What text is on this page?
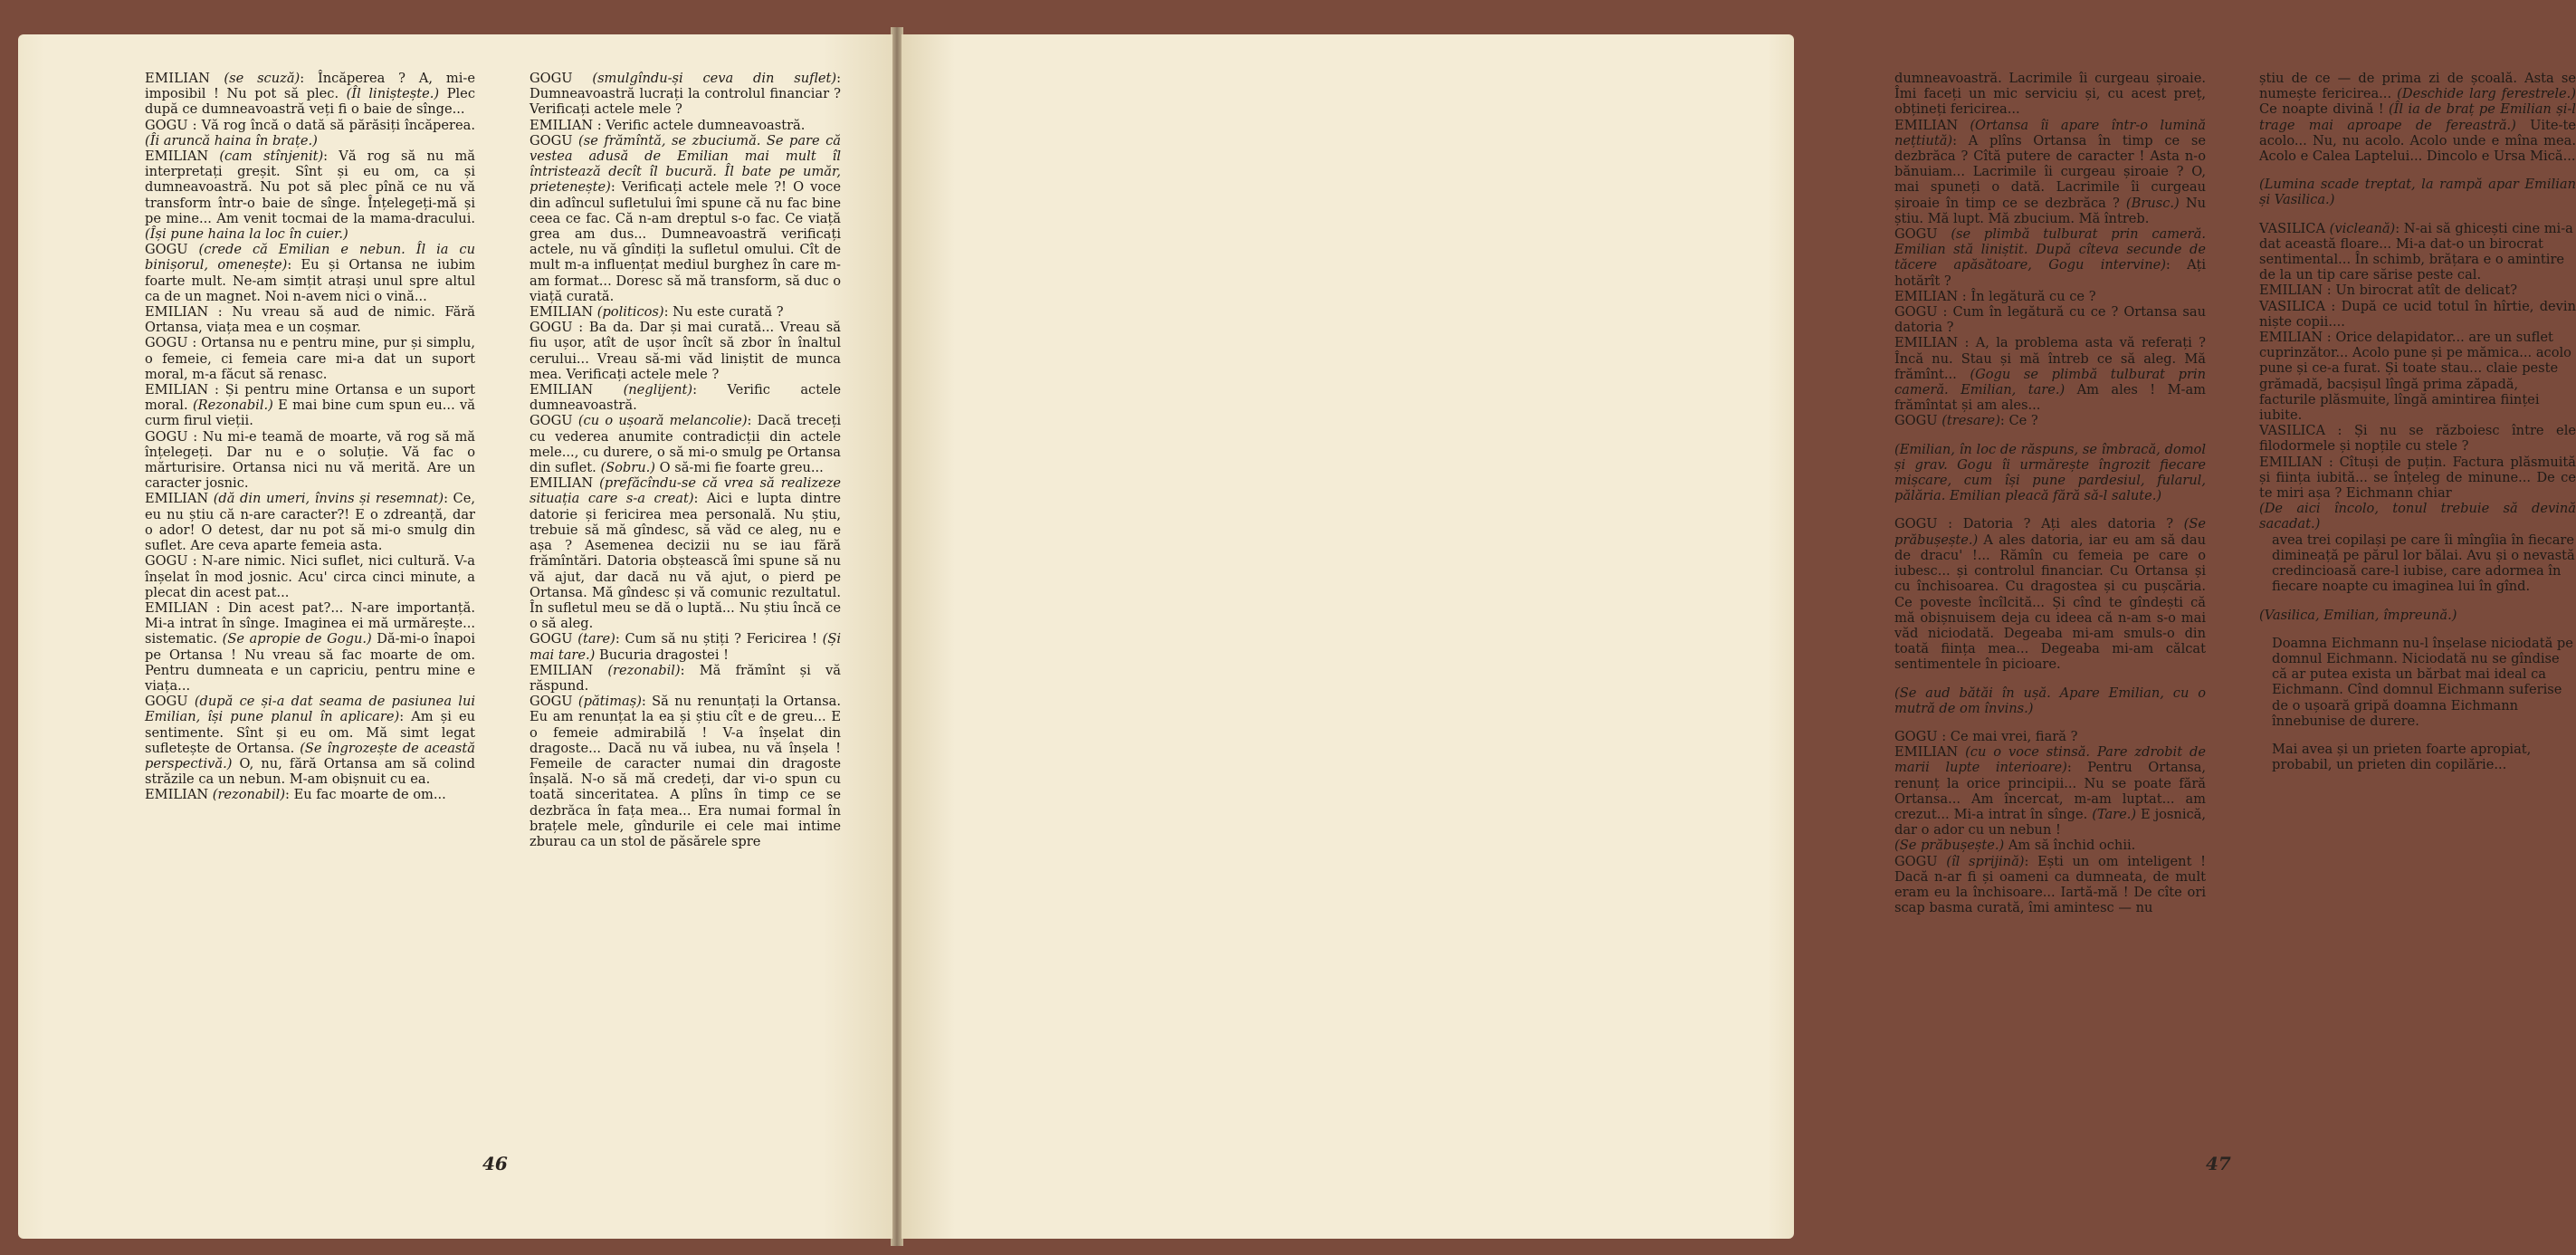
EMILIAN (se scuză): Încăperea ? A, mi-e imposibil ! Nu pot să plec. (Îl liniștește.) Plec după ce dumneavoastră veți fi o baie de sînge...

GOGU : Vă rog încă o dată să părăsiți încăperea. (Îi aruncă haina în brațe.)

EMILIAN (cam stînjenit): Vă rog să nu mă interpretați greșit. Sînt și eu om, ca și dumneavoastră. Nu pot să plec pînă ce nu vă transform într-o baie de sînge. Înțelegeți-mă și pe mine... Am venit tocmai de la mama-dracului. (Își pune haina la loc în cuier.)

GOGU (crede că Emilian e nebun. Îl ia cu binișorul, omenește): Eu și Ortansa ne iubim foarte mult. Ne-am simțit atrași unul spre altul ca de un magnet. Noi n-avem nici o vină...

EMILIAN : Nu vreau să aud de nimic. Fără Ortansa, viața mea e un coșmar.

GOGU : Ortansa nu e pentru mine, pur și simplu, o femeie, ci femeia care mi-a dat un suport moral, m-a făcut să renasc.

EMILIAN : Și pentru mine Ortansa e un suport moral. (Rezonabil.) E mai bine cum spun eu... vă curm firul vieții.

GOGU : Nu mi-e teamă de moarte, vă rog să mă înțelegeți. Dar nu e o soluție. Vă fac o mărturisire. Ortansa nici nu vă merită. Are un caracter josnic.

EMILIAN (dă din umeri, învins și resemnat): Ce, eu nu știu că n-are caracter?! E o zdreanță, dar o ador! O detest, dar nu pot să mi-o smulg din suflet. Are ceva aparte femeia asta.

GOGU : N-are nimic. Nici suflet, nici cultură. V-a înșelat în mod josnic. Acu' circa cinci minute, a plecat din acest pat...

EMILIAN : Din acest pat?... N-are importanță. Mi-a intrat în sînge. Imaginea ei mă urmărește... sistematic. (Se apropie de Gogu.) Dă-mi-o înapoi pe Ortansa ! Nu vreau să fac moarte de om. Pentru dumneata e un capriciu, pentru mine e viața...

GOGU (după ce și-a dat seama de pasiunea lui Emilian, își pune planul în aplicare): Am și eu sentimente. Sînt și eu om. Mă simt legat sufletește de Ortansa. (Se îngrozește de această perspectivă.) O, nu, fără Ortansa am să colind străzile ca un nebun. M-am obișnuit cu ea.

EMILIAN (rezonabil): Eu fac moarte de om...

GOGU (smulgîndu-și ceva din suflet): Dumneavoastră lucrați la controlul financiar ? Verificați actele mele ?

EMILIAN : Verific actele dumneavoastră.

GOGU (se frămîntă, se zbuciumă. Se pare că vestea adusă de Emilian mai mult îl întristează decît îl bucură. Îl bate pe umăr, prietenește): Verificați actele mele ?! O voce din adîncul sufletului îmi spune că nu fac bine ceea ce fac. Că n-am dreptul s-o fac. Ce viață grea am dus... Dumneavoastră verificați actele, nu vă gîndiți la sufletul omului. Cît de mult m-a influențat mediul burghez în care m-am format... Doresc să mă transform, să duc o viață curată.

EMILIAN (politicos): Nu este curată ?

GOGU : Ba da. Dar și mai curată... Vreau să fiu ușor, atît de ușor încît să zbor în înaltul cerului... Vreau să-mi văd liniștit de munca mea. Verificați actele mele ?

EMILIAN (neglijent): Verific actele dumneavoastră.

GOGU (cu o ușoară melancolie): Dacă treceți cu vederea anumite contradicții din actele mele..., cu durere, o să mi-o smulg pe Ortansa din suflet. (Sobru.) O să-mi fie foarte greu...

EMILIAN (prefăcîndu-se că vrea să realizeze situația care s-a creat): Aici e lupta dintre datorie și fericirea mea personală. Nu știu, trebuie să mă gîndesc, să văd ce aleg, nu e așa ? Asemenea decizii nu se iau fără frămîntări. Datoria obștească îmi spune să nu vă ajut, dar dacă nu vă ajut, o pierd pe Ortansa. Mă gîndesc și vă comunic rezultatul. În sufletul meu se dă o luptă... Nu știu încă ce o să aleg.

GOGU (tare): Cum să nu știți ? Fericirea ! (Și mai tare.) Bucuria dragostei !

EMILIAN (rezonabil): Mă frămînt și vă răspund.

GOGU (pătimaș): Să nu renunțați la Ortansa. Eu am renunțat la ea și știu cît e de greu... E o femeie admirabilă ! V-a înșelat din dragoste... Dacă nu vă iubea, nu vă înșela ! Femeile de caracter numai din dragoste înșală. N-o să mă credeți, dar vi-o spun cu toată sinceritatea. A plîns în timp ce se dezbrăca în fața mea... Era numai formal în brațele mele, gîndurile ei cele mai intime zburau ca un stol de păsărele spre

46

dumneavoastră. Lacrimile îi curgeau șiroaie. Îmi faceți un mic serviciu și, cu acest preț, obțineți fericirea...

EMILIAN (Ortansa îi apare într-o lumină nețtiută): A plîns Ortansa în timp ce se dezbrăca ? Cîtă putere de caracter ! Asta n-o bănuiam... Lacrimile îi curgeau șiroaie ? O, mai spuneți o dată. Lacrimile îi curgeau șiroaie în timp ce se dezbrăca ? (Brusc.) Nu știu. Mă lupt. Mă zbucium. Mă întreb.

GOGU (se plimbă tulburat prin cameră. Emilian stă liniștit. După cîteva secunde de tăcere apăsătoare, Gogu intervine): Ați hotărît ?

EMILIAN : În legătură cu ce ?

GOGU : Cum în legătură cu ce ? Ortansa sau datoria ?

EMILIAN : A, la problema asta vă referați ? Încă nu. Stau și mă întreb ce să aleg. Mă frămînt... (Gogu se plimbă tulburat prin cameră. Emilian, tare.) Am ales ! M-am frămîntat și am ales...

GOGU (tresare): Ce ?

(Emilian, în loc de răspuns, se îmbracă, domol și grav. Gogu îi urmărește îngrozit fiecare mișcare, cum își pune pardesiul, fularul, pălăria. Emilian pleacă fără să-l salute.)

GOGU : Datoria ? Ați ales datoria ? (Se prăbușește.) A ales datoria, iar eu am să dau de dracu' !... Rămîn cu femeia pe care o iubesc... și controlul financiar. Cu Ortansa și cu închisoarea. Cu dragostea și cu pușcăria. Ce poveste încîlcită... Și cînd te gîndești că mă obișnuisem deja cu ideea că n-am s-o mai văd niciodată. Degeaba mi-am smuls-o din toată ființa mea... Degeaba mi-am călcat sentimentele în picioare.

(Se aud bătăi în ușă. Apare Emilian, cu o mutră de om învins.)

GOGU : Ce mai vrei, fiară ?

EMILIAN (cu o voce stinsă. Pare zdrobit de marii lupte interioare): Pentru Ortansa, renunț la orice principii... Nu se poate fără Ortansa... Am încercat, m-am luptat... am crezut... Mi-a intrat în sînge. (Tare.) E josnică, dar o ador cu un nebun !

(Se prăbușește.) Am să închid ochii.

GOGU (îl sprijină): Ești un om inteligent ! Dacă n-ar fi și oameni ca dumneata, de mult eram eu la închisoare... Iartă-mă ! De cîte ori scap basma curată, îmi amintesc — nu

știu de ce — de prima zi de școală. Asta se numește fericirea... (Deschide larg ferestrele.) Ce noapte divină ! (Îl ia de braț pe Emilian și-l trage mai aproape de fereastră.) Uite-te acolo... Nu, nu acolo. Acolo unde e mîna mea. Acolo e Calea Laptelui... Dincolo e Ursa Mică...

(Lumina scade treptat, la rampă apar Emilian și Vasilica.)

VASILICA (vicleană): N-ai să ghicești cine mi-a dat această floare... Mi-a dat-o un birocrat sentimental... În schimb, brățara e o amintire de la un tip care sărise peste cal.

EMILIAN : Un birocrat atît de delicat?

VASILICA : După ce ucid totul în hîrtie, devin niște copii....

EMILIAN : Orice delapidator... are un suflet cuprinzător... Acolo pune și pe mămica... acolo pune și ce-a furat. Și toate stau... claie peste grămadă, bacșișul lîngă prima zăpadă, facturile plăsmuite, lîngă amintirea ființei iubite.

VASILICA : Și nu se războiesc între ele filodormele și nopțile cu stele ?

EMILIAN : Cîtuși de puțin. Factura plăsmuită și ființa iubită... se înțeleg de minune... De ce te miri așa ? Eichmann chiar

(De aici încolo, tonul trebuie să devină sacadat.)

avea trei copilași pe care îi mîngîia în fiecare dimineață pe părul lor bălai. Avu și o nevastă credincioasă care-l iubise, care adormea în fiecare noapte cu imaginea lui în gînd.

(Vasilica, Emilian, împreună.)

Doamna Eichmann nu-l înșelase niciodată pe domnul Eichmann. Niciodată nu se gîndise că ar putea exista un bărbat mai ideal ca Eichmann. Cînd domnul Eichmann suferise de o ușoară gripă doamna Eichmann înnebunise de durere.

Mai avea și un prieten foarte apropiat, probabil, un prieten din copilărie...

47
